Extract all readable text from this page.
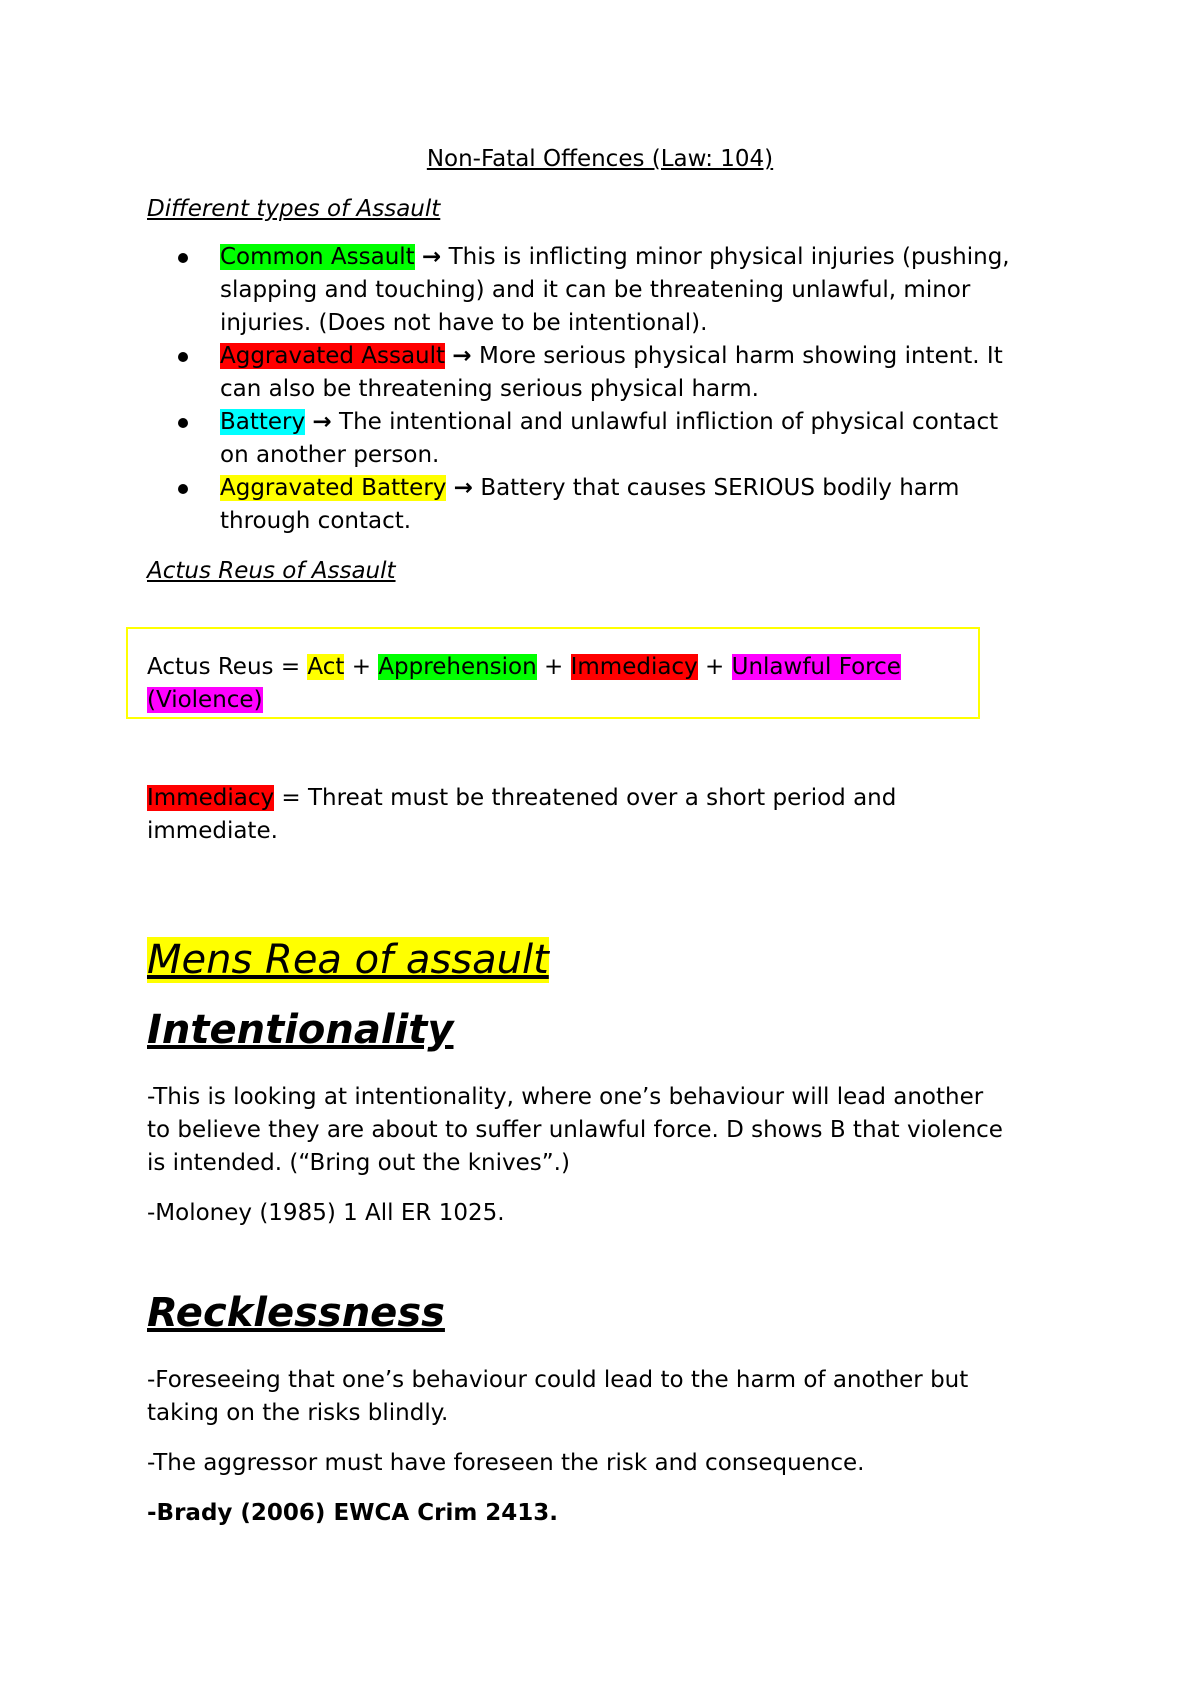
Non-Fatal Offences (Law: 104)
Different types of Assault
Common Assault → This is inflicting minor physical injuries (pushing,
slapping and touching) and it can be threatening unlawful, minor
injuries. (Does not have to be intentional).
Aggravated Assault → More serious physical harm showing intent. It
can also be threatening serious physical harm.
Battery → The intentional and unlawful infliction of physical contact
on another person.
Aggravated Battery → Battery that causes SERIOUS bodily harm
through contact.
Actus Reus of Assault
Actus Reus = Act + Apprehension + Immediacy + Unlawful Force
(Violence)
Immediacy = Threat must be threatened over a short period and
immediate.
Mens Rea of assault
Intentionality
-This is looking at intentionality, where one’s behaviour will lead another
to believe they are about to suffer unlawful force. D shows B that violence
is intended. (“Bring out the knives”.)
-Moloney (1985) 1 All ER 1025.
Recklessness
-Foreseeing that one’s behaviour could lead to the harm of another but
taking on the risks blindly.
-The aggressor must have foreseen the risk and consequence.
-Brady (2006) EWCA Crim 2413.
